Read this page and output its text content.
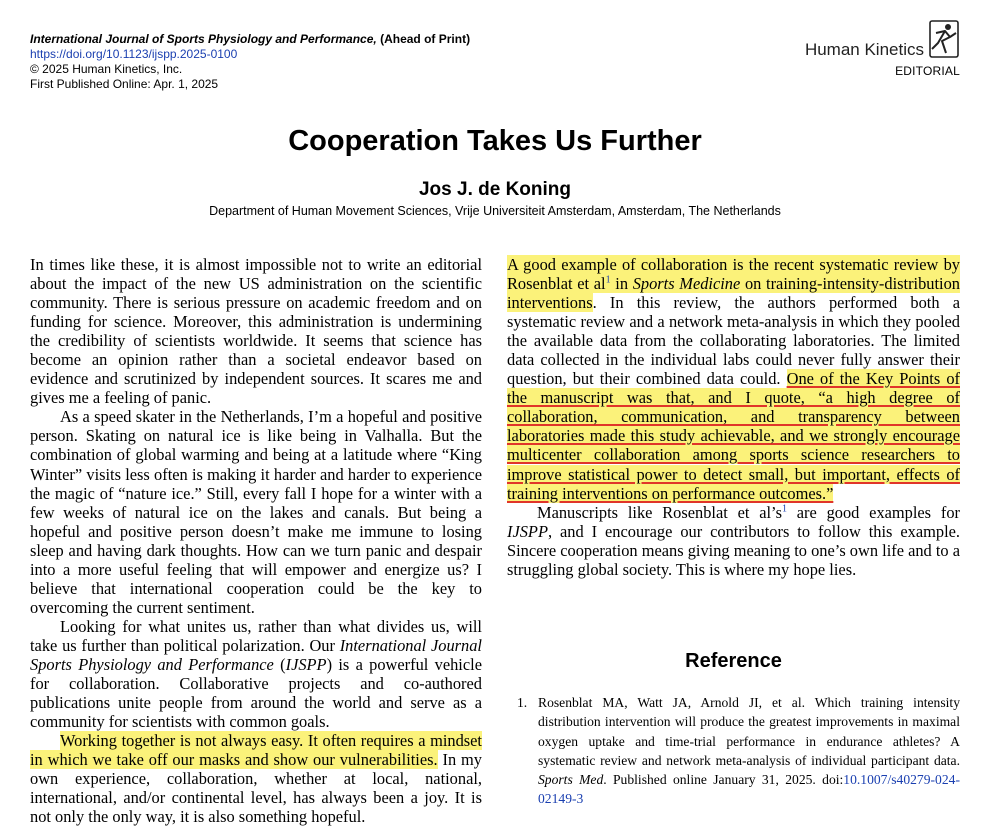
International Journal of Sports Physiology and Performance, (Ahead of Print)
https://doi.org/10.1123/ijspp.2025-0100
© 2025 Human Kinetics, Inc.
First Published Online: Apr. 1, 2025
Human Kinetics
EDITORIAL
Cooperation Takes Us Further
Jos J. de Koning
Department of Human Movement Sciences, Vrije Universiteit Amsterdam, Amsterdam, The Netherlands

In times like these, it is almost impossible not to write an editorial about the impact of the new US administration on the scientific community. There is serious pressure on academic freedom and on funding for science. Moreover, this administration is undermining the credibility of scientists worldwide. It seems that science has become an opinion rather than a societal endeavor based on evidence and scrutinized by independent sources. It scares me and gives me a feeling of panic.

As a speed skater in the Netherlands, I’m a hopeful and positive person. Skating on natural ice is like being in Valhalla. But the combination of global warming and being at a latitude where “King Winter” visits less often is making it harder and harder to experience the magic of “nature ice.” Still, every fall I hope for a winter with a few weeks of natural ice on the lakes and canals. But being a hopeful and positive person doesn’t make me immune to losing sleep and having dark thoughts. How can we turn panic and despair into a more useful feeling that will empower and energize us? I believe that international cooperation could be the key to overcoming the current sentiment.

Looking for what unites us, rather than what divides us, will take us further than political polarization. Our International Journal Sports Physiology and Performance (IJSPP) is a powerful vehicle for collaboration. Collaborative projects and co-authored publications unite people from around the world and serve as a community for scientists with common goals.

Working together is not always easy. It often requires a mindset in which we take off our masks and show our vulnerabilities. In my own experience, collaboration, whether at local, national, international, and/or continental level, has always been a joy. It is not only the only way, it is also something hopeful.

A good example of collaboration is the recent systematic review by Rosenblat et $al^1$ in Sports Medicine on training-intensity-distribution interventions. In this review, the authors performed both a systematic review and a network meta-analysis in which they pooled the available data from the collaborating laboratories. The limited data collected in the individual labs could never fully answer their question, but their combined data could. One of the Key Points of the manuscript was that, and I quote, “a high degree of collaboration, communication, and transparency between laboratories made this study achievable, and we strongly encourage multicenter collaboration among sports science researchers to improve statistical power to detect small, but important, effects of training interventions on performance outcomes.”

Manuscripts like Rosenblat et $al’s^1$ are good examples for IJSPP, and I encourage our contributors to follow this example. Sincere cooperation means giving meaning to one’s own life and to a struggling global society. This is where my hope lies.

Reference
1. Rosenblat MA, Watt JA, Arnold JI, et al. Which training intensity distribution intervention will produce the greatest improvements in maximal oxygen uptake and time-trial performance in endurance athletes? A systematic review and network meta-analysis of individual participant data. Sports Med. Published online January 31, 2025. doi:10.1007/s40279-024-02149-3
